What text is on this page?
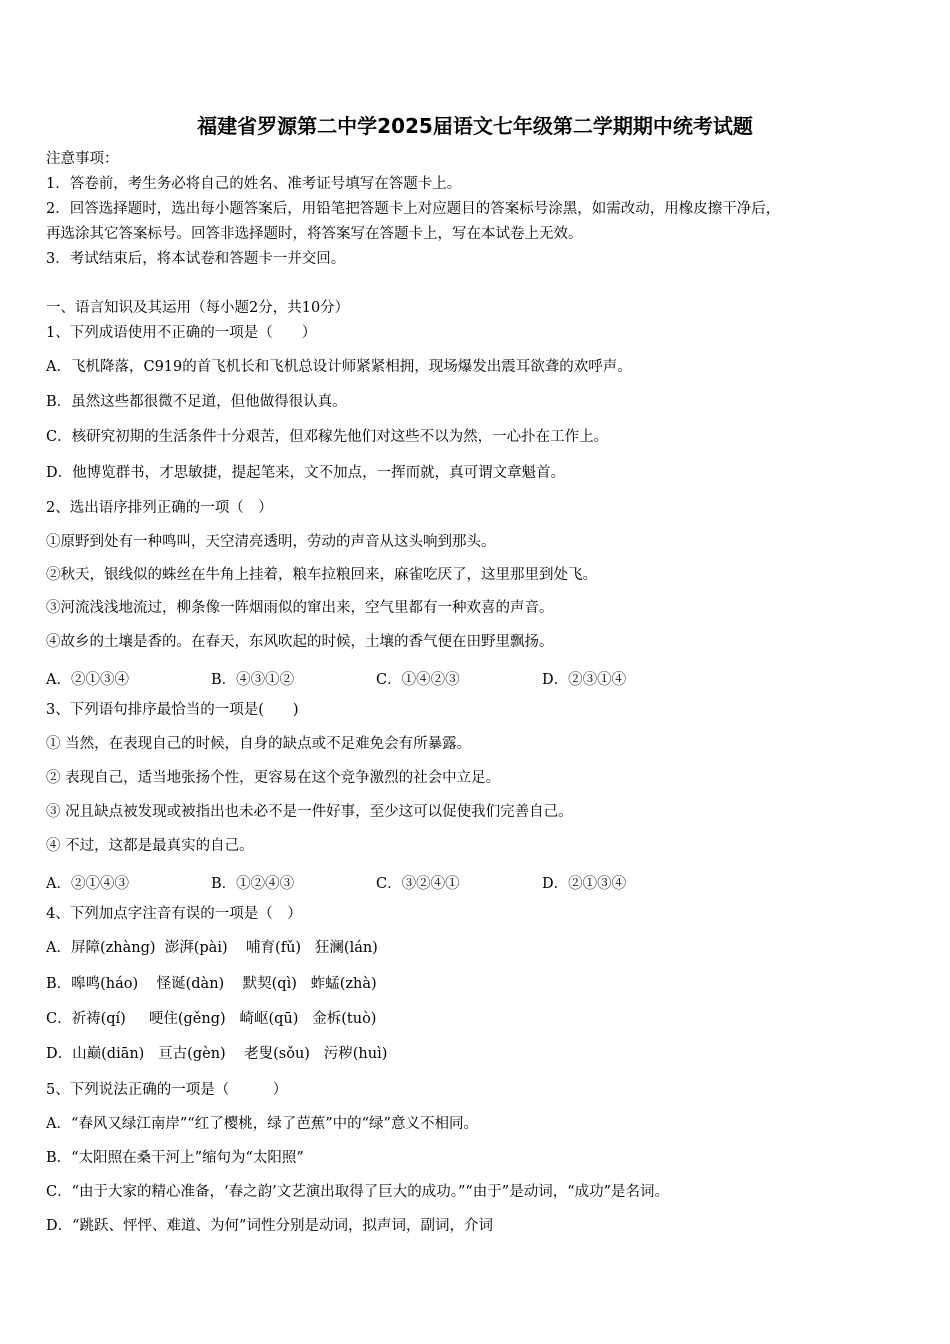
福建省罗源第二中学2025届语文七年级第二学期期中统考试题
注意事项：
1．答卷前，考生务必将自己的姓名、准考证号填写在答题卡上。
2．回答选择题时，选出每小题答案后，用铅笔把答题卡上对应题目的答案标号涂黑，如需改动，用橡皮擦干净后，
再选涂其它答案标号。回答非选择题时，将答案写在答题卡上，写在本试卷上无效。
3．考试结束后，将本试卷和答题卡一并交回。
一、语言知识及其运用（每小题2分，共10分）
1、下列成语使用不正确的一项是（　　）
A．飞机降落，C919的首飞机长和飞机总设计师紧紧相拥，现场爆发出震耳欲聋的欢呼声。
B．虽然这些都很微不足道，但他做得很认真。
C．核研究初期的生活条件十分艰苦，但邓稼先他们对这些不以为然，一心扑在工作上。
D．他博览群书，才思敏捷，提起笔来，文不加点，一挥而就，真可谓文章魁首。
2、选出语序排列正确的一项（　）
①原野到处有一种鸣叫，天空清亮透明，劳动的声音从这头响到那头。
②秋天，银线似的蛛丝在牛角上挂着，粮车拉粮回来，麻雀吃厌了，这里那里到处飞。
③河流浅浅地流过，柳条像一阵烟雨似的窜出来，空气里都有一种欢喜的声音。
④故乡的土壤是香的。在春天，东风吹起的时候，土壤的香气便在田野里飘扬。
A．②①③④	B．④③①②	C．①④②③	D．②③①④
3、下列语句排序最恰当的一项是(　　)
① 当然，在表现自己的时候，自身的缺点或不足难免会有所暴露。
② 表现自己，适当地张扬个性，更容易在这个竞争激烈的社会中立足。
③ 况且缺点被发现或被指出也未必不是一件好事，至少这可以促使我们完善自己。
④ 不过，这都是最真实的自己。
A．②①④③	B．①②④③	C．③②④①	D．②①③④
4、下列加点字注音有误的一项是（　）
A．屏障(zhàng)  澎湃(pài)    哺育(fǔ)   狂澜(lán)
B．嗥鸣(háo)    怪诞(dàn)    默契(qì)   蚱蜢(zhà)
C．祈祷(qí)     哽住(gěng)   崎岖(qū)   金柝(tuò)
D．山巅(diān)   亘古(gèn)    老叟(sǒu)   污秽(huì)
5、下列说法正确的一项是（　　　）
A．“春风又绿江南岸”“红了樱桃，绿了芭蕉”中的“绿”意义不相同。
B．“太阳照在桑干河上”缩句为“太阳照”
C．“由于大家的精心准备，‘春之韵’文艺演出取得了巨大的成功。”“由于”是动词，“成功”是名词。
D．“跳跃、怦怦、难道、为何”词性分别是动词，拟声词，副词，介词
